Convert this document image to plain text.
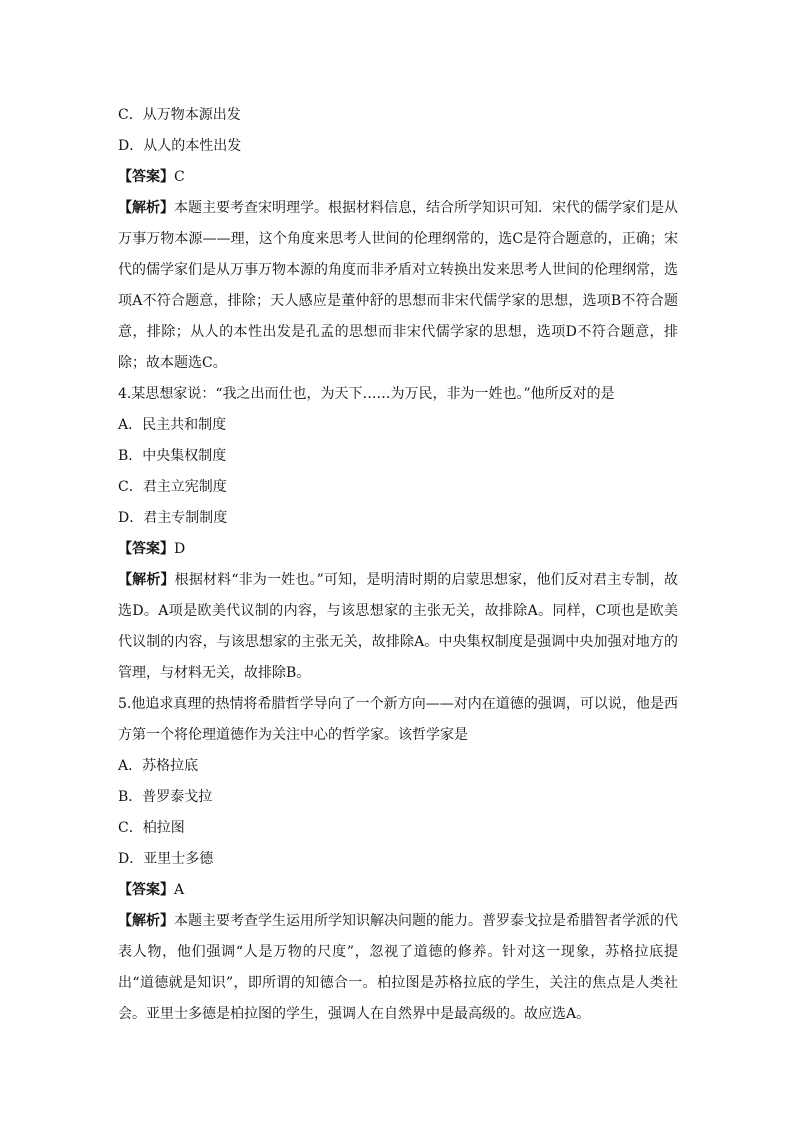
C．从万物本源出发

D．从人的本性出发

【答案】C

【解析】本题主要考查宋明理学。根据材料信息，结合所学知识可知．宋代的儒学家们是从万事万物本源——理，这个角度来思考人世间的伦理纲常的，选C是符合题意的，正确；宋代的儒学家们是从万事万物本源的角度而非矛盾对立转换出发来思考人世间的伦理纲常，选项A不符合题意，排除；天人感应是董仲舒的思想而非宋代儒学家的思想，选项B不符合题意，排除；从人的本性出发是孔孟的思想而非宋代儒学家的思想，选项D不符合题意，排除；故本题选C。

4.某思想家说：“我之出而仕也，为天下……为万民，非为一姓也。”他所反对的是

A．民主共和制度

B．中央集权制度

C．君主立宪制度

D．君主专制制度

【答案】D

【解析】根据材料“非为一姓也。”可知，是明清时期的启蒙思想家，他们反对君主专制，故选D。A项是欧美代议制的内容，与该思想家的主张无关，故排除A。同样，C项也是欧美代议制的内容，与该思想家的主张无关，故排除A。中央集权制度是强调中央加强对地方的管理，与材料无关，故排除B。

5.他追求真理的热情将希腊哲学导向了一个新方向——对内在道德的强调，可以说，他是西方第一个将伦理道德作为关注中心的哲学家。该哲学家是

A．苏格拉底

B．普罗泰戈拉

C．柏拉图

D．亚里士多德

【答案】A

【解析】本题主要考查学生运用所学知识解决问题的能力。普罗泰戈拉是希腊智者学派的代表人物，他们强调“人是万物的尺度”，忽视了道德的修养。针对这一现象，苏格拉底提出“道德就是知识”，即所谓的知德合一。柏拉图是苏格拉底的学生，关注的焦点是人类社会。亚里士多德是柏拉图的学生，强调人在自然界中是最高级的。故应选A。
